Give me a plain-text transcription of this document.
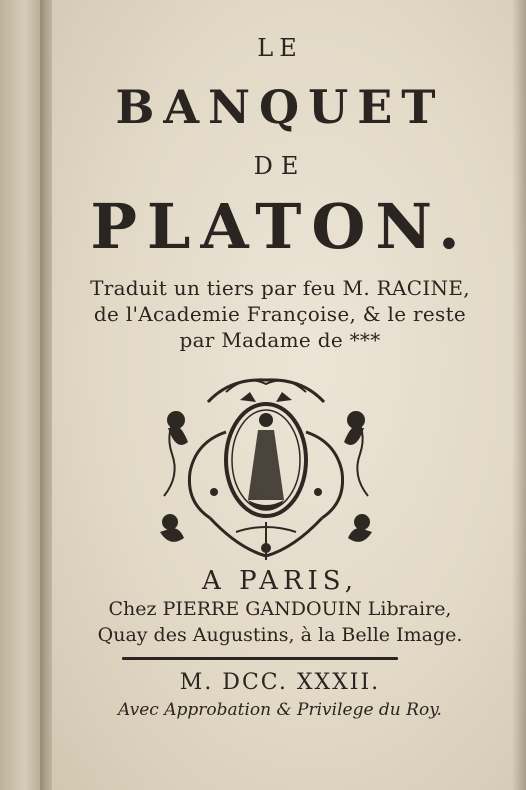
LE

BANQUET

DE

PLATON.

Traduit un tiers par feu M. RACINE,

de l'Academie Françoise, & le reste

par Madame de ***

A PARIS,

Chez PIERRE GANDOUIN Libraire,

Quay des Augustins, à la Belle Image.

M. DCC. XXXII.

Avec Approbation & Privilege du Roy.
